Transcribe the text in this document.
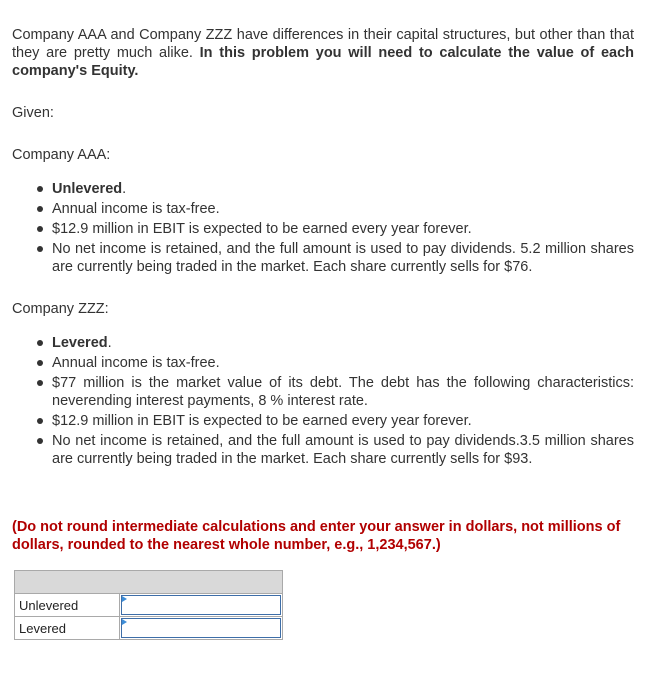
Company AAA and Company ZZZ have differences in their capital structures, but other than that they are pretty much alike. In this problem you will need to calculate the value of each company's Equity.

Given:

Company AAA:

Unlevered.
Annual income is tax-free.
$12.9 million in EBIT is expected to be earned every year forever.
No net income is retained, and the full amount is used to pay dividends. 5.2 million shares are currently being traded in the market. Each share currently sells for $76.

Company ZZZ:

Levered.
Annual income is tax-free.
$77 million is the market value of its debt. The debt has the following characteristics: neverending interest payments, 8 % interest rate.
$12.9 million in EBIT is expected to be earned every year forever.
No net income is retained, and the full amount is used to pay dividends.3.5 million shares are currently being traded in the market. Each share currently sells for $93.

(Do not round intermediate calculations and enter your answer in dollars, not millions of dollars, rounded to the nearest whole number, e.g., 1,234,567.)

Unlevered	

Levered	
